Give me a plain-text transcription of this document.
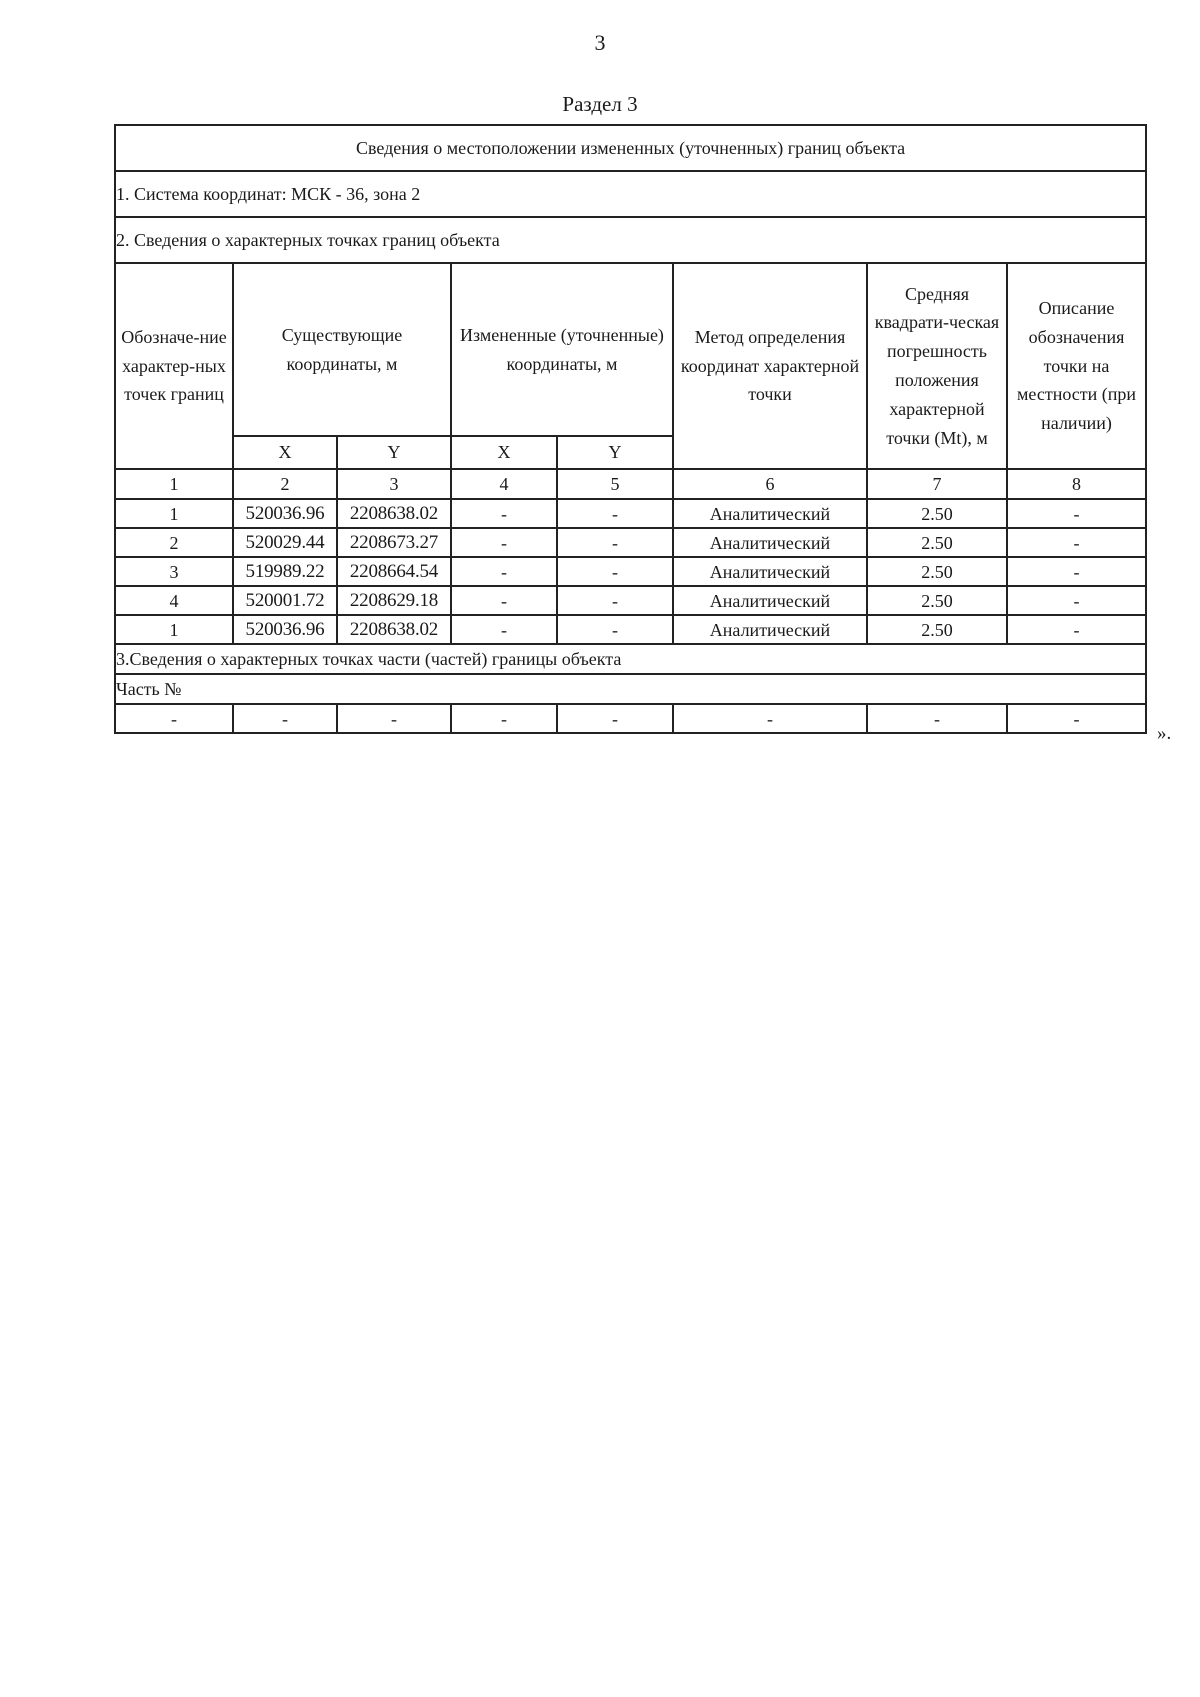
3
Раздел 3
Сведения о местоположении измененных (уточненных) границ объекта							
1. Система координат: МСК - 36, зона 2							
2. Сведения о характерных точках границ объекта							
Обозначе-ние характер-ных точек границ	Существующие координаты, м		Измененные (уточненные) координаты, м		Метод определения координат характерной точки	Средняя квадрати-ческая погрешность положения характерной точки (Mt), м	Описание обозначения точки на местности (при наличии)
	X	Y	X	Y			
1	2	3	4	5	6	7	8
1	520036.96	2208638.02	-	-	Аналитический	2.50	-
2	520029.44	2208673.27	-	-	Аналитический	2.50	-
3	519989.22	2208664.54	-	-	Аналитический	2.50	-
4	520001.72	2208629.18	-	-	Аналитический	2.50	-
1	520036.96	2208638.02	-	-	Аналитический	2.50	-
3.Сведения о характерных точках части (частей) границы объекта							
Часть №							
-	-	-	-	-	-	-	-
».
